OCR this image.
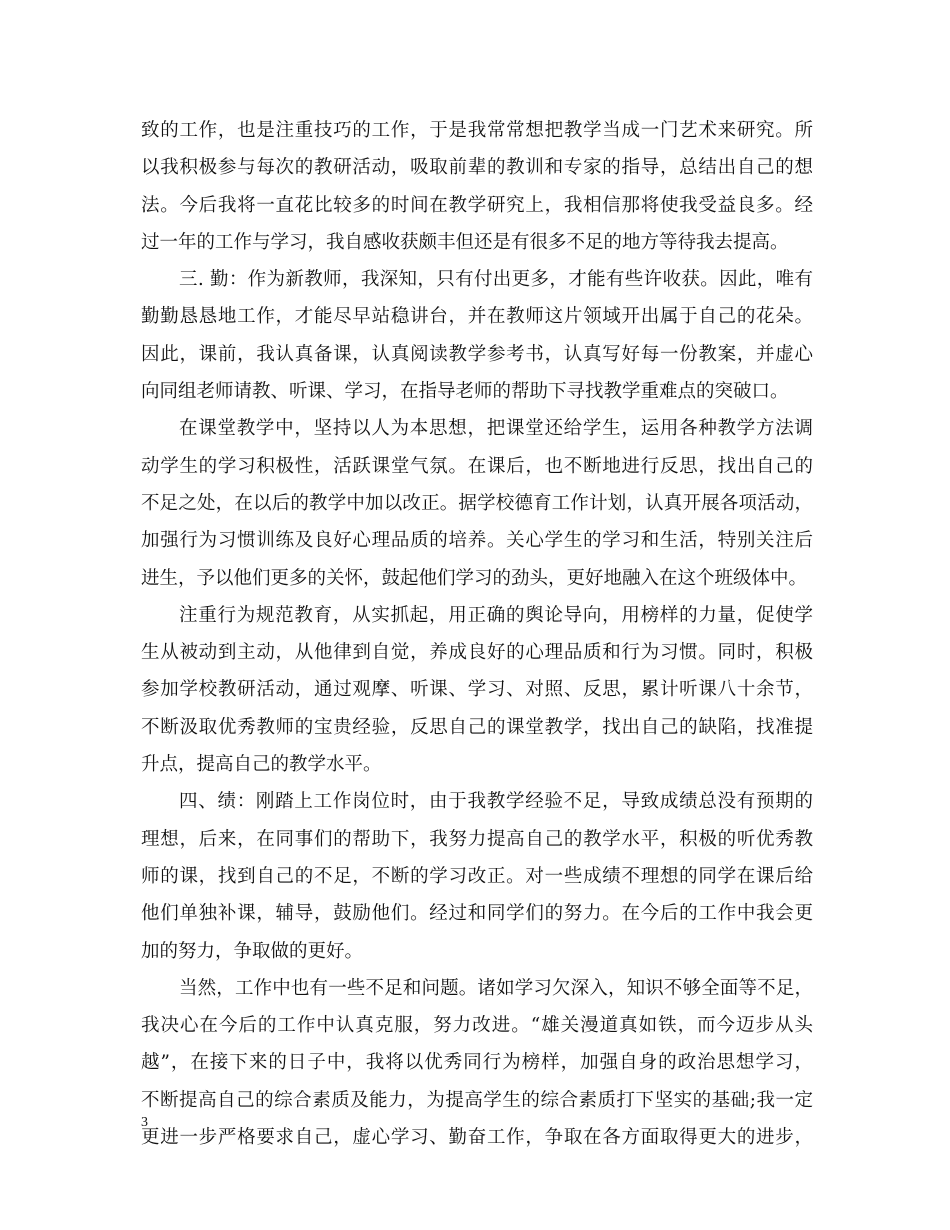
致的工作，也是注重技巧的工作，于是我常常想把教学当成一门艺术来研究。所
以我积极参与每次的教研活动，吸取前辈的教训和专家的指导，总结出自己的想
法。今后我将一直花比较多的时间在教学研究上，我相信那将使我受益良多。经
过一年的工作与学习，我自感收获颇丰但还是有很多不足的地方等待我去提高。
三. 勤：作为新教师，我深知，只有付出更多，才能有些许收获。因此，唯有
勤勤恳恳地工作，才能尽早站稳讲台，并在教师这片领域开出属于自己的花朵。
因此，课前，我认真备课，认真阅读教学参考书，认真写好每一份教案，并虚心
向同组老师请教、听课、学习，在指导老师的帮助下寻找教学重难点的突破口。
在课堂教学中，坚持以人为本思想，把课堂还给学生，运用各种教学方法调
动学生的学习积极性，活跃课堂气氛。在课后，也不断地进行反思，找出自己的
不足之处，在以后的教学中加以改正。据学校德育工作计划，认真开展各项活动，
加强行为习惯训练及良好心理品质的培养。关心学生的学习和生活，特别关注后
进生，予以他们更多的关怀，鼓起他们学习的劲头，更好地融入在这个班级体中。
注重行为规范教育，从实抓起，用正确的舆论导向，用榜样的力量，促使学
生从被动到主动，从他律到自觉，养成良好的心理品质和行为习惯。同时，积极
参加学校教研活动，通过观摩、听课、学习、对照、反思，累计听课八十余节，
不断汲取优秀教师的宝贵经验，反思自己的课堂教学，找出自己的缺陷，找准提
升点，提高自己的教学水平。
四、绩：刚踏上工作岗位时，由于我教学经验不足，导致成绩总没有预期的
理想，后来，在同事们的帮助下，我努力提高自己的教学水平，积极的听优秀教
师的课，找到自己的不足，不断的学习改正。对一些成绩不理想的同学在课后给
他们单独补课，辅导，鼓励他们。经过和同学们的努力。在今后的工作中我会更
加的努力，争取做的更好。
当然，工作中也有一些不足和问题。诸如学习欠深入，知识不够全面等不足，
我决心在今后的工作中认真克服，努力改进。“雄关漫道真如铁，而今迈步从头
越”，在接下来的日子中，我将以优秀同行为榜样，加强自身的政治思想学习，
不断提高自己的综合素质及能力，为提高学生的综合素质打下坚实的基础;我一定
更进一步严格要求自己，虚心学习、勤奋工作，争取在各方面取得更大的进步，
3
